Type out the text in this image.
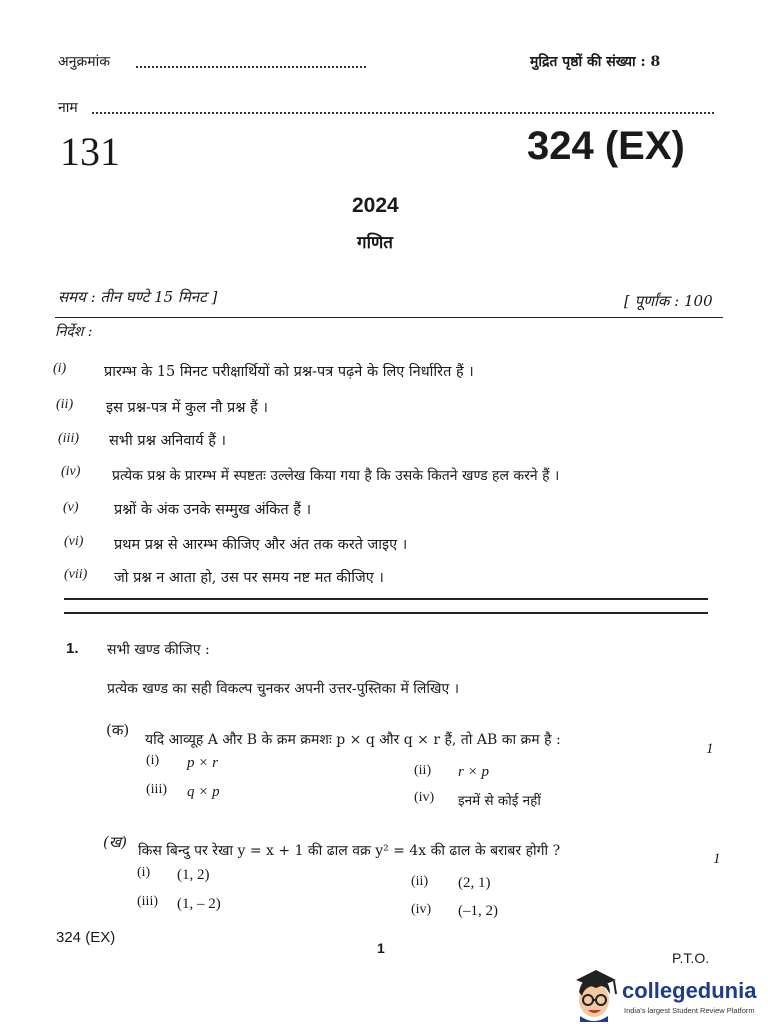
अनुक्रमांक	मुद्रित पृष्ठों की संख्या : 8
नाम
131	324 (EX)
2024
गणित
समय : तीन घण्टे 15 मिनट ]	[ पूर्णांक : 100
निर्देश :
(i)	प्रारम्भ के 15 मिनट परीक्षार्थियों को प्रश्न-पत्र पढ़ने के लिए निर्धारित हैं ।
(ii) इस प्रश्न-पत्र में कुल नौ प्रश्न हैं ।
(iii) सभी प्रश्न अनिवार्य हैं ।
(iv) प्रत्येक प्रश्न के प्रारम्भ में स्पष्टतः उल्लेख किया गया है कि उसके कितने खण्ड हल करने हैं ।
(v) प्रश्नों के अंक उनके सम्मुख अंकित हैं ।
(vi) प्रथम प्रश्न से आरम्भ कीजिए और अंत तक करते जाइए ।
(vii) जो प्रश्न न आता हो, उस पर समय नष्ट मत कीजिए ।
1. सभी खण्ड कीजिए :
प्रत्येक खण्ड का सही विकल्प चुनकर अपनी उत्तर-पुस्तिका में लिखिए ।
(क)
यदि आव्यूह A और B के क्रम क्रमशः p × q और q × r हैं, तो AB का क्रम है :
1
(i) p × r	(ii) r × p
(iii) q × p	(iv) इनमें से कोई नहीं
(ख) किस बिन्दु पर रेखा y = x + 1 की ढाल वक्र y² = 4x की ढाल के बराबर होगी ?	1
(i) (1, 2)	(ii) (2, 1)
(iii) (1, – 2)	(iv) (–1, 2)
324 (EX)
1
P.T.O.
collegedunia
India's largest Student Review Platform
